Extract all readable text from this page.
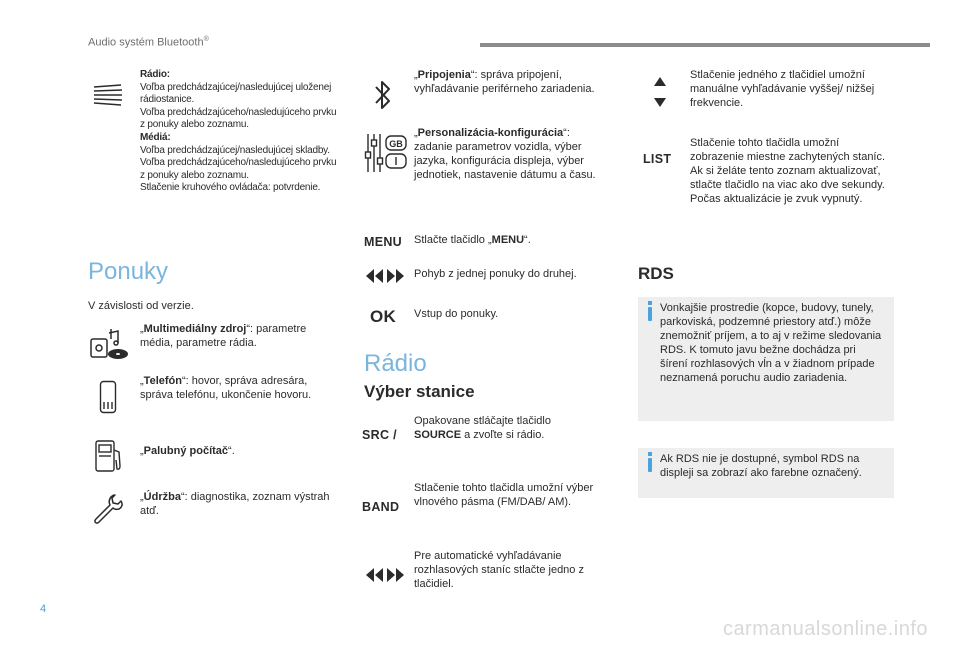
Audio systém Bluetooth®
Rádio:
Voľba predchádzajúcej/nasledujúcej uloženej rádiostanice.
Voľba predchádzajúceho/nasledujúceho prvku z ponuky alebo zoznamu.
Médiá:
Voľba predchádzajúcej/nasledujúcej skladby.
Voľba predchádzajúceho/nasledujúceho prvku z ponuky alebo zoznamu.
Stlačenie kruhového ovládača: potvrdenie.
Ponuky
V závislosti od verzie.
„Multimediálny zdroj“: parametre média, parametre rádia.
„Telefón“: hovor, správa adresára, správa telefónu, ukončenie hovoru.
„Palubný počítač“.
„Údržba“: diagnostika, zoznam výstrah atď.
„Pripojenia“: správa pripojení, vyhľadávanie periférneho zariadenia.
GB
„Personalizácia-konfigurácia“: zadanie parametrov vozidla, výber jazyka, konfigurácia displeja, výber jednotiek, nastavenie dátumu a času.
MENU Stlačte tlačidlo „MENU“.
Pohyb z jednej ponuky do druhej.
OK Vstup do ponuky.
Rádio
Výber stanice
SRC /
Opakovane stláčajte tlačidlo SOURCE a zvoľte si rádio.
BAND
Stlačenie tohto tlačidla umožní výber vlnového pásma (FM/DAB/ AM).
Pre automatické vyhľadávanie rozhlasových staníc stlačte jedno z tlačidiel.
Stlačenie jedného z tlačidiel umožní manuálne vyhľadávanie vyššej/ nižšej frekvencie.
LIST
Stlačenie tohto tlačidla umožní zobrazenie miestne zachytených staníc. Ak si želáte tento zoznam aktualizovať, stlačte tlačidlo na viac ako dve sekundy. Počas aktualizácie je zvuk vypnutý.
RDS
Vonkajšie prostredie (kopce, budovy, tunely, parkoviská, podzemné priestory atď.) môže znemožniť príjem, a to aj v režime sledovania RDS. K tomuto javu bežne dochádza pri šírení rozhlasových vĺn a v žiadnom prípade neznamená poruchu audio zariadenia.
Ak RDS nie je dostupné, symbol RDS na displeji sa zobrazí ako farebne označený.
4
carmanualsonline.info
